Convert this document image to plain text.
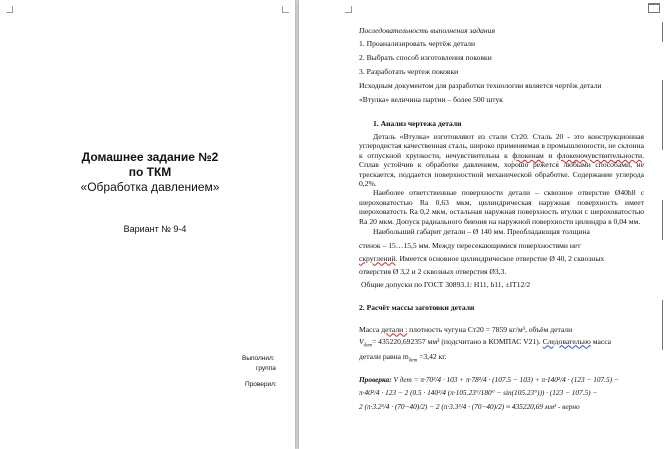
Домашнее задание №2
по ТКМ
«Обработка давлением»
Вариант № 9-4
Выполнил:
группа
Проверил:

Последовательность выполнения задания

1. Проанализировать чертёж детали

2. Выбрать способ изготовления поковки

3. Разработать чертеж поковки

Исходным документом для разработки технологии является чертёж детали

«Втулка» величина партии – более 500 штук

1. Анализ чертежа детали

Деталь «Втулка» изготовляют из стали Ст20. Сталь 20 - это конструкционная углеродистая качественная сталь, широко применяемая в промышленности, не склонна к отпускной хрупкости, нечувствительна к флокенам и флокеночувствительности. Сплав устойчив к обработке давлением, хорошо режется любыми способами, не трескается, поддается поверхностной механической обработке. Содержание углерода 0,2%.

Наиболее ответственные поверхности детали – сквозное отверстие Ø40h8 с шероховатостью Ra 0,63 мкм, цилиндрическая наружная поверхность имеет шероховатость Ra 0,2 мкм, остальная наружная поверхность втулки с шероховатостью Ra 20 мкм. Допуск радиального биения на наружной поверхности цилиндра в 0,04 мм.

Наибольший габарит детали – Ø 140 мм. Преобладающая толщина

стенок – 15…15,5 мм. Между пересекающимися поверхностями нет

скруглений. Имеется основное цилиндрическое отверстие Ø 40, 2 сквозных

отверстия Ø 3,2 и 2 сквозных отверстия Ø3,3.

Общие допуски по ГОСТ 30893.1: H11, h11, ±IT12/2

2. Расчёт массы заготовки детали

Масса детали : плотность чугуна Ст20 = 7859 кг/м³, объём детали

$V_{дет}= 435220,692357$ мм³ (подсчитано в КОМПАС V21). Следовательно масса

детали равна $m_{дет} =3,42$ кг.

Проверка: V дет = π·70²/4 · 103 + π·78²/4 · (107.5 − 103) + π·140²/4 · (123 − 107.5) −

π·40²/4 · 123 − 2 (0.5 · 140²/4 (π·105.23°/180° − sin(105.23°))) · (123 − 107.5) −

2 (π·3.2²/4 · (70−40)/2) − 2 (π·3.3²/4 · (70−40)/2) ≈ 435220,69 мм³ - верно
